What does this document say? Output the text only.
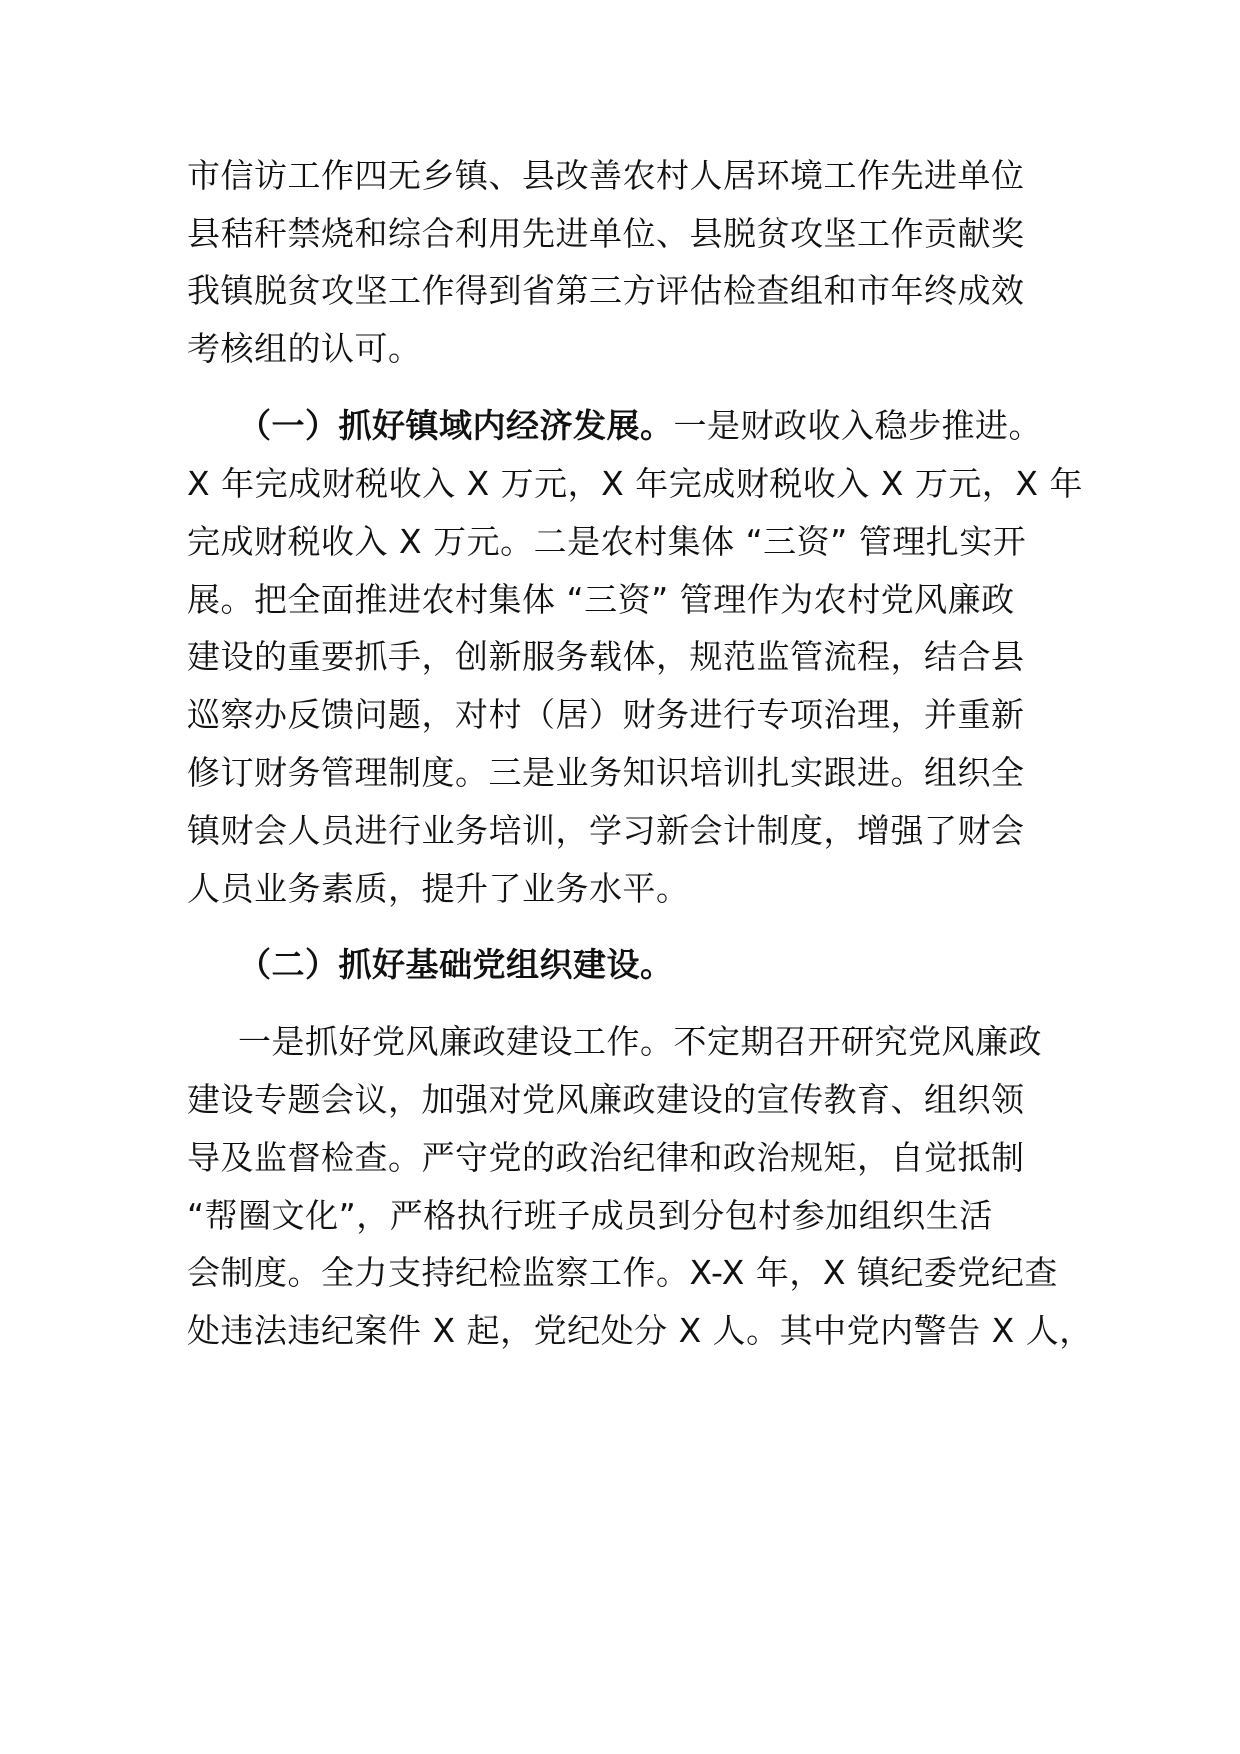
市信访工作四无乡镇、县改善农村人居环境工作先进单位
县秸秆禁烧和综合利用先进单位、县脱贫攻坚工作贡献奖
我镇脱贫攻坚工作得到省第三方评估检查组和市年终成效
考核组的认可。
（一）抓好镇域内经济发展。一是财政收入稳步推进。
X 年完成财税收入 X 万元，X 年完成财税收入 X 万元，X 年
完成财税收入 X 万元。二是农村集体 “三资” 管理扎实开
展。把全面推进农村集体 “三资” 管理作为农村党风廉政
建设的重要抓手，创新服务载体，规范监管流程，结合县
巡察办反馈问题，对村（居）财务进行专项治理，并重新
修订财务管理制度。三是业务知识培训扎实跟进。组织全
镇财会人员进行业务培训，学习新会计制度，增强了财会
人员业务素质，提升了业务水平。
（二）抓好基础党组织建设。
一是抓好党风廉政建设工作。不定期召开研究党风廉政
建设专题会议，加强对党风廉政建设的宣传教育、组织领
导及监督检查。严守党的政治纪律和政治规矩，自觉抵制
“帮圈文化”，严格执行班子成员到分包村参加组织生活
会制度。全力支持纪检监察工作。X-X 年，X 镇纪委党纪查
处违法违纪案件 X 起，党纪处分 X 人。其中党内警告 X 人，
